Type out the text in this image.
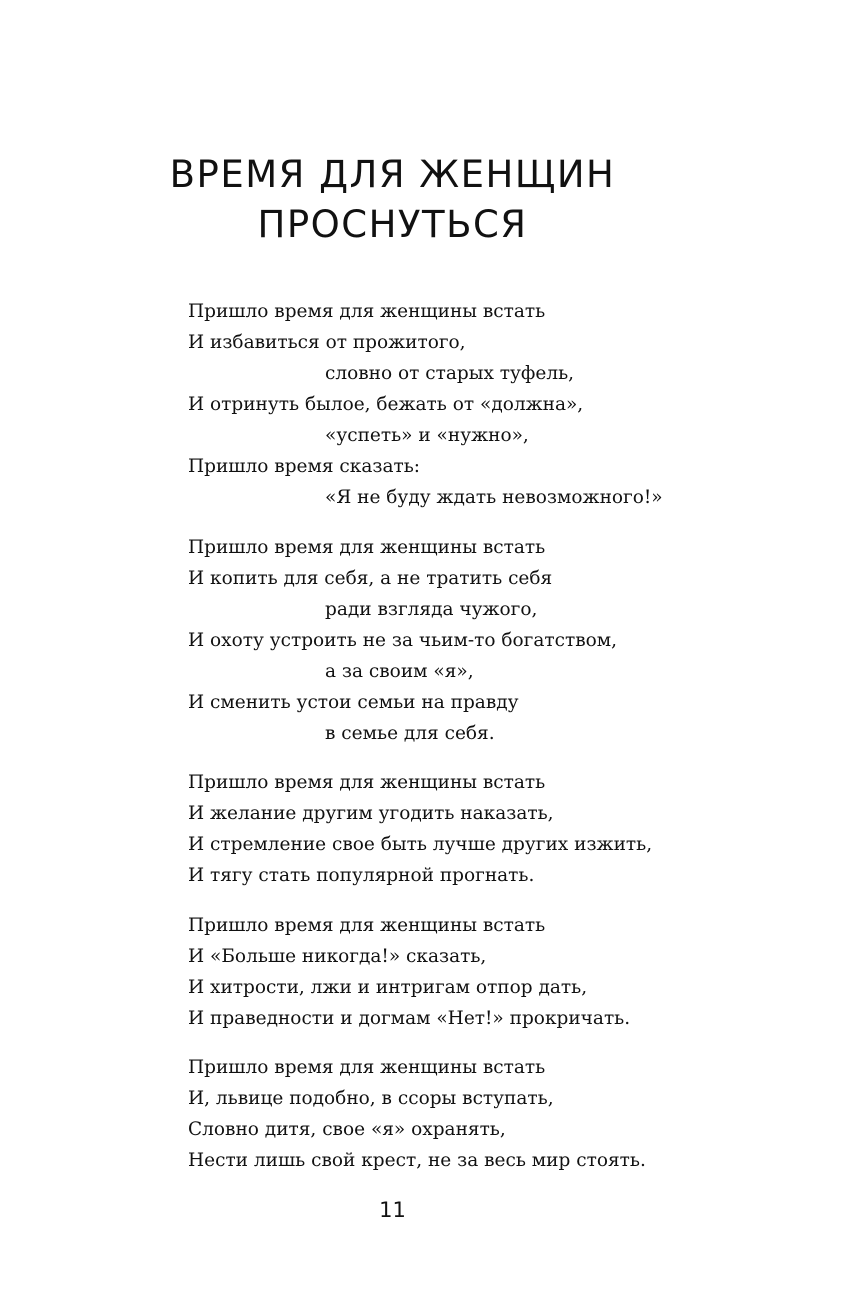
ВРЕМЯ ДЛЯ ЖЕНЩИН
ПРОСНУТЬСЯ
Пришло время для женщины встать
И избавиться от прожитого,
словно от старых туфель,
И отринуть былое, бежать от «должна»,
«успеть» и «нужно»,
Пришло время сказать:
«Я не буду ждать невозможного!»
Пришло время для женщины встать
И копить для себя, а не тратить себя
ради взгляда чужого,
И охоту устроить не за чьим-то богатством,
а за своим «я»,
И сменить устои семьи на правду
в семье для себя.
Пришло время для женщины встать
И желание другим угодить наказать,
И стремление свое быть лучше других изжить,
И тягу стать популярной прогнать.
Пришло время для женщины встать
И «Больше никогда!» сказать,
И хитрости, лжи и интригам отпор дать,
И праведности и догмам «Нет!» прокричать.
Пришло время для женщины встать
И, львице подобно, в ссоры вступать,
Словно дитя, свое «я» охранять,
Нести лишь свой крест, не за весь мир стоять.
11
